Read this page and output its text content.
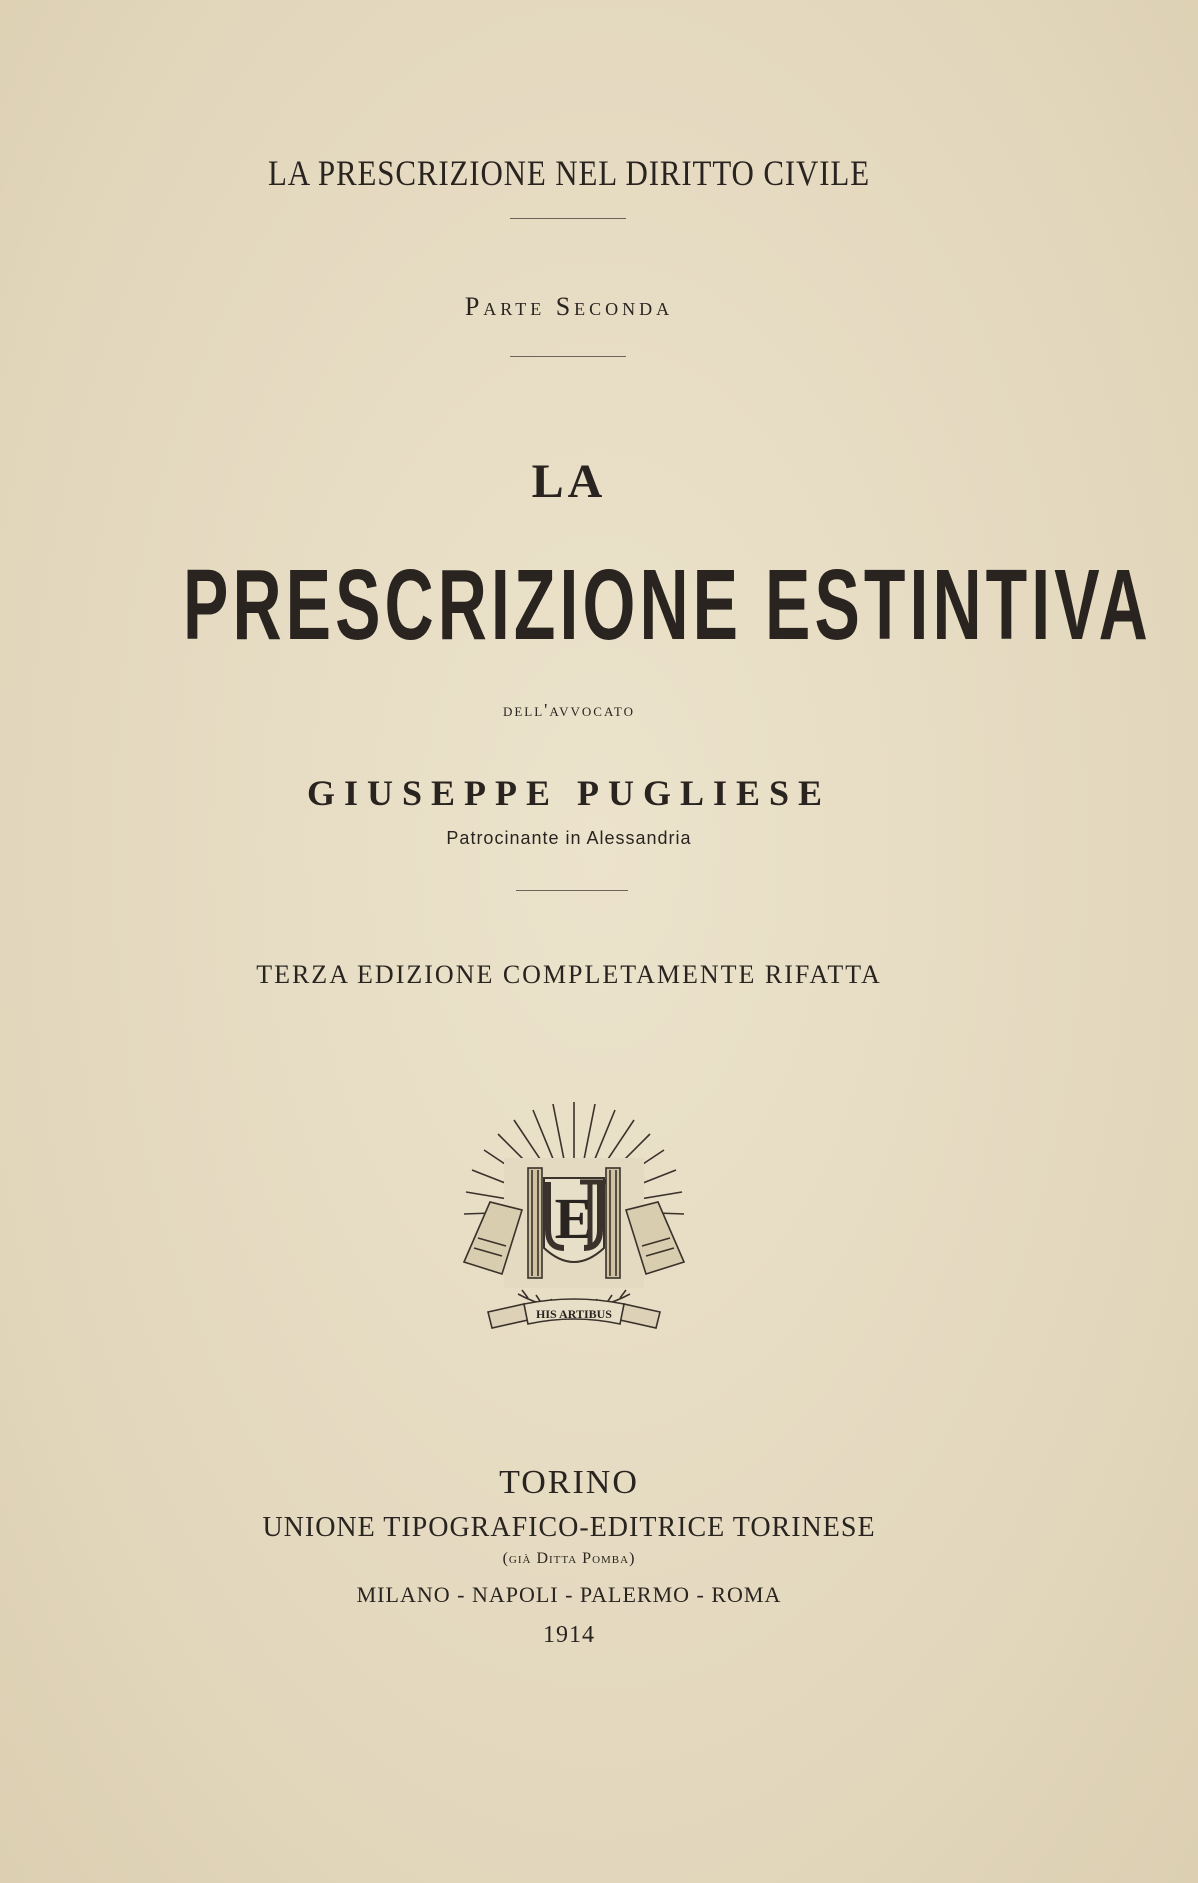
LA PRESCRIZIONE NEL DIRITTO CIVILE
Parte Seconda
LA
PRESCRIZIONE ESTINTIVA
dell'avvocato
GIUSEPPE PUGLIESE
Patrocinante in Alessandria
TERZA EDIZIONE COMPLETAMENTE RIFATTA
E
HIS ARTIBUS
TORINO
UNIONE TIPOGRAFICO-EDITRICE TORINESE
(già Ditta Pomba)
MILANO - NAPOLI - PALERMO - ROMA
1914
